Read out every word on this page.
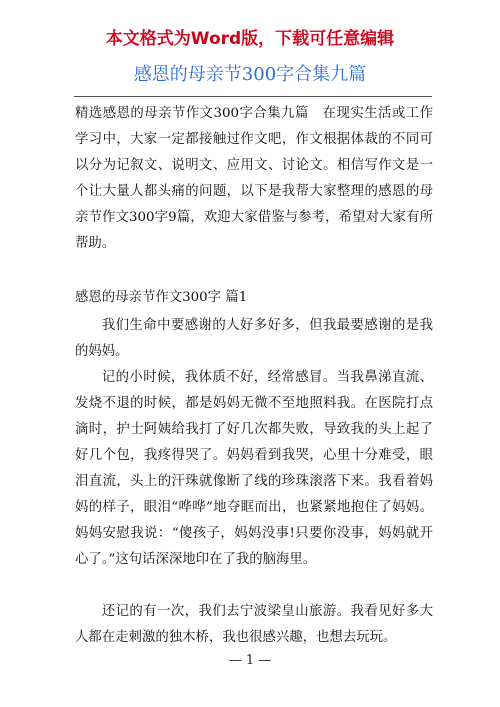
本文格式为Word版，下载可任意编辑
感恩的母亲节300字合集九篇
精选感恩的母亲节作文300字合集九篇　在现实生活或工作学习中，大家一定都接触过作文吧，作文根据体裁的不同可以分为记叙文、说明文、应用文、讨论文。相信写作文是一个让大量人都头痛的问题，以下是我帮大家整理的感恩的母亲节作文300字9篇，欢迎大家借鉴与参考，希望对大家有所帮助。
感恩的母亲节作文300字 篇1
我们生命中要感谢的人好多好多，但我最要感谢的是我的妈妈。
记的小时候，我体质不好，经常感冒。当我鼻涕直流、发烧不退的时候，都是妈妈无微不至地照料我。在医院打点滴时，护士阿姨给我打了好几次都失败，导致我的头上起了好几个包，我疼得哭了。妈妈看到我哭，心里十分难受，眼泪直流，头上的汗珠就像断了线的珍珠滚落下来。我看着妈妈的样子，眼泪“哗哗”地夺眶而出，也紧紧地抱住了妈妈。妈妈安慰我说：“傻孩子，妈妈没事!只要你没事，妈妈就开心了。”这句话深深地印在了我的脑海里。
还记的有一次，我们去宁波梁皇山旅游。我看见好多大人都在走刺激的独木桥，我也很感兴趣，也想去玩玩。
— 1 —
